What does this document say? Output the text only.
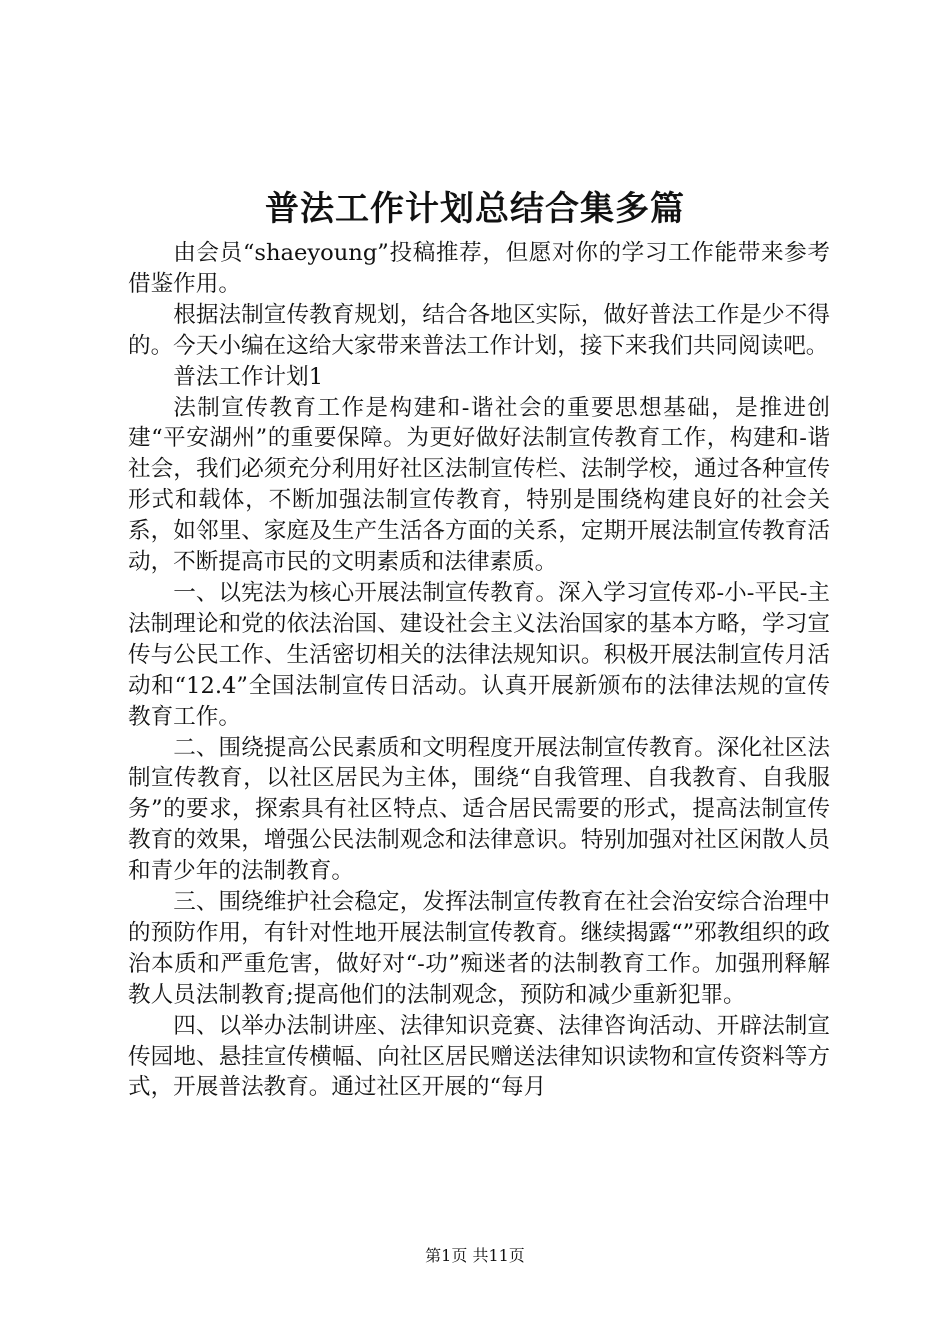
普法工作计划总结合集多篇

由会员“shaeyoung”投稿推荐，但愿对你的学习工作能带来参考借鉴作用。

根据法制宣传教育规划，结合各地区实际，做好普法工作是少不得的。今天小编在这给大家带来普法工作计划，接下来我们共同阅读吧。

普法工作计划1

法制宣传教育工作是构建和-谐社会的重要思想基础，是推进创建“平安湖州”的重要保障。为更好做好法制宣传教育工作，构建和-谐社会，我们必须充分利用好社区法制宣传栏、法制学校，通过各种宣传形式和载体，不断加强法制宣传教育，特别是围绕构建良好的社会关系，如邻里、家庭及生产生活各方面的关系，定期开展法制宣传教育活动，不断提高市民的文明素质和法律素质。

一、以宪法为核心开展法制宣传教育。深入学习宣传邓-小-平民-主法制理论和党的依法治国、建设社会主义法治国家的基本方略，学习宣传与公民工作、生活密切相关的法律法规知识。积极开展法制宣传月活动和“12.4”全国法制宣传日活动。认真开展新颁布的法律法规的宣传教育工作。

二、围绕提高公民素质和文明程度开展法制宣传教育。深化社区法制宣传教育，以社区居民为主体，围绕“自我管理、自我教育、自我服务”的要求，探索具有社区特点、适合居民需要的形式，提高法制宣传教育的效果，增强公民法制观念和法律意识。特别加强对社区闲散人员和青少年的法制教育。

三、围绕维护社会稳定，发挥法制宣传教育在社会治安综合治理中的预防作用，有针对性地开展法制宣传教育。继续揭露“”邪教组织的政治本质和严重危害，做好对“-功”痴迷者的法制教育工作。加强刑释解教人员法制教育;提高他们的法制观念，预防和减少重新犯罪。

四、以举办法制讲座、法律知识竞赛、法律咨询活动、开辟法制宣传园地、悬挂宣传横幅、向社区居民赠送法律知识读物和宣传资料等方式，开展普法教育。通过社区开展的“每月

第1页 共11页
